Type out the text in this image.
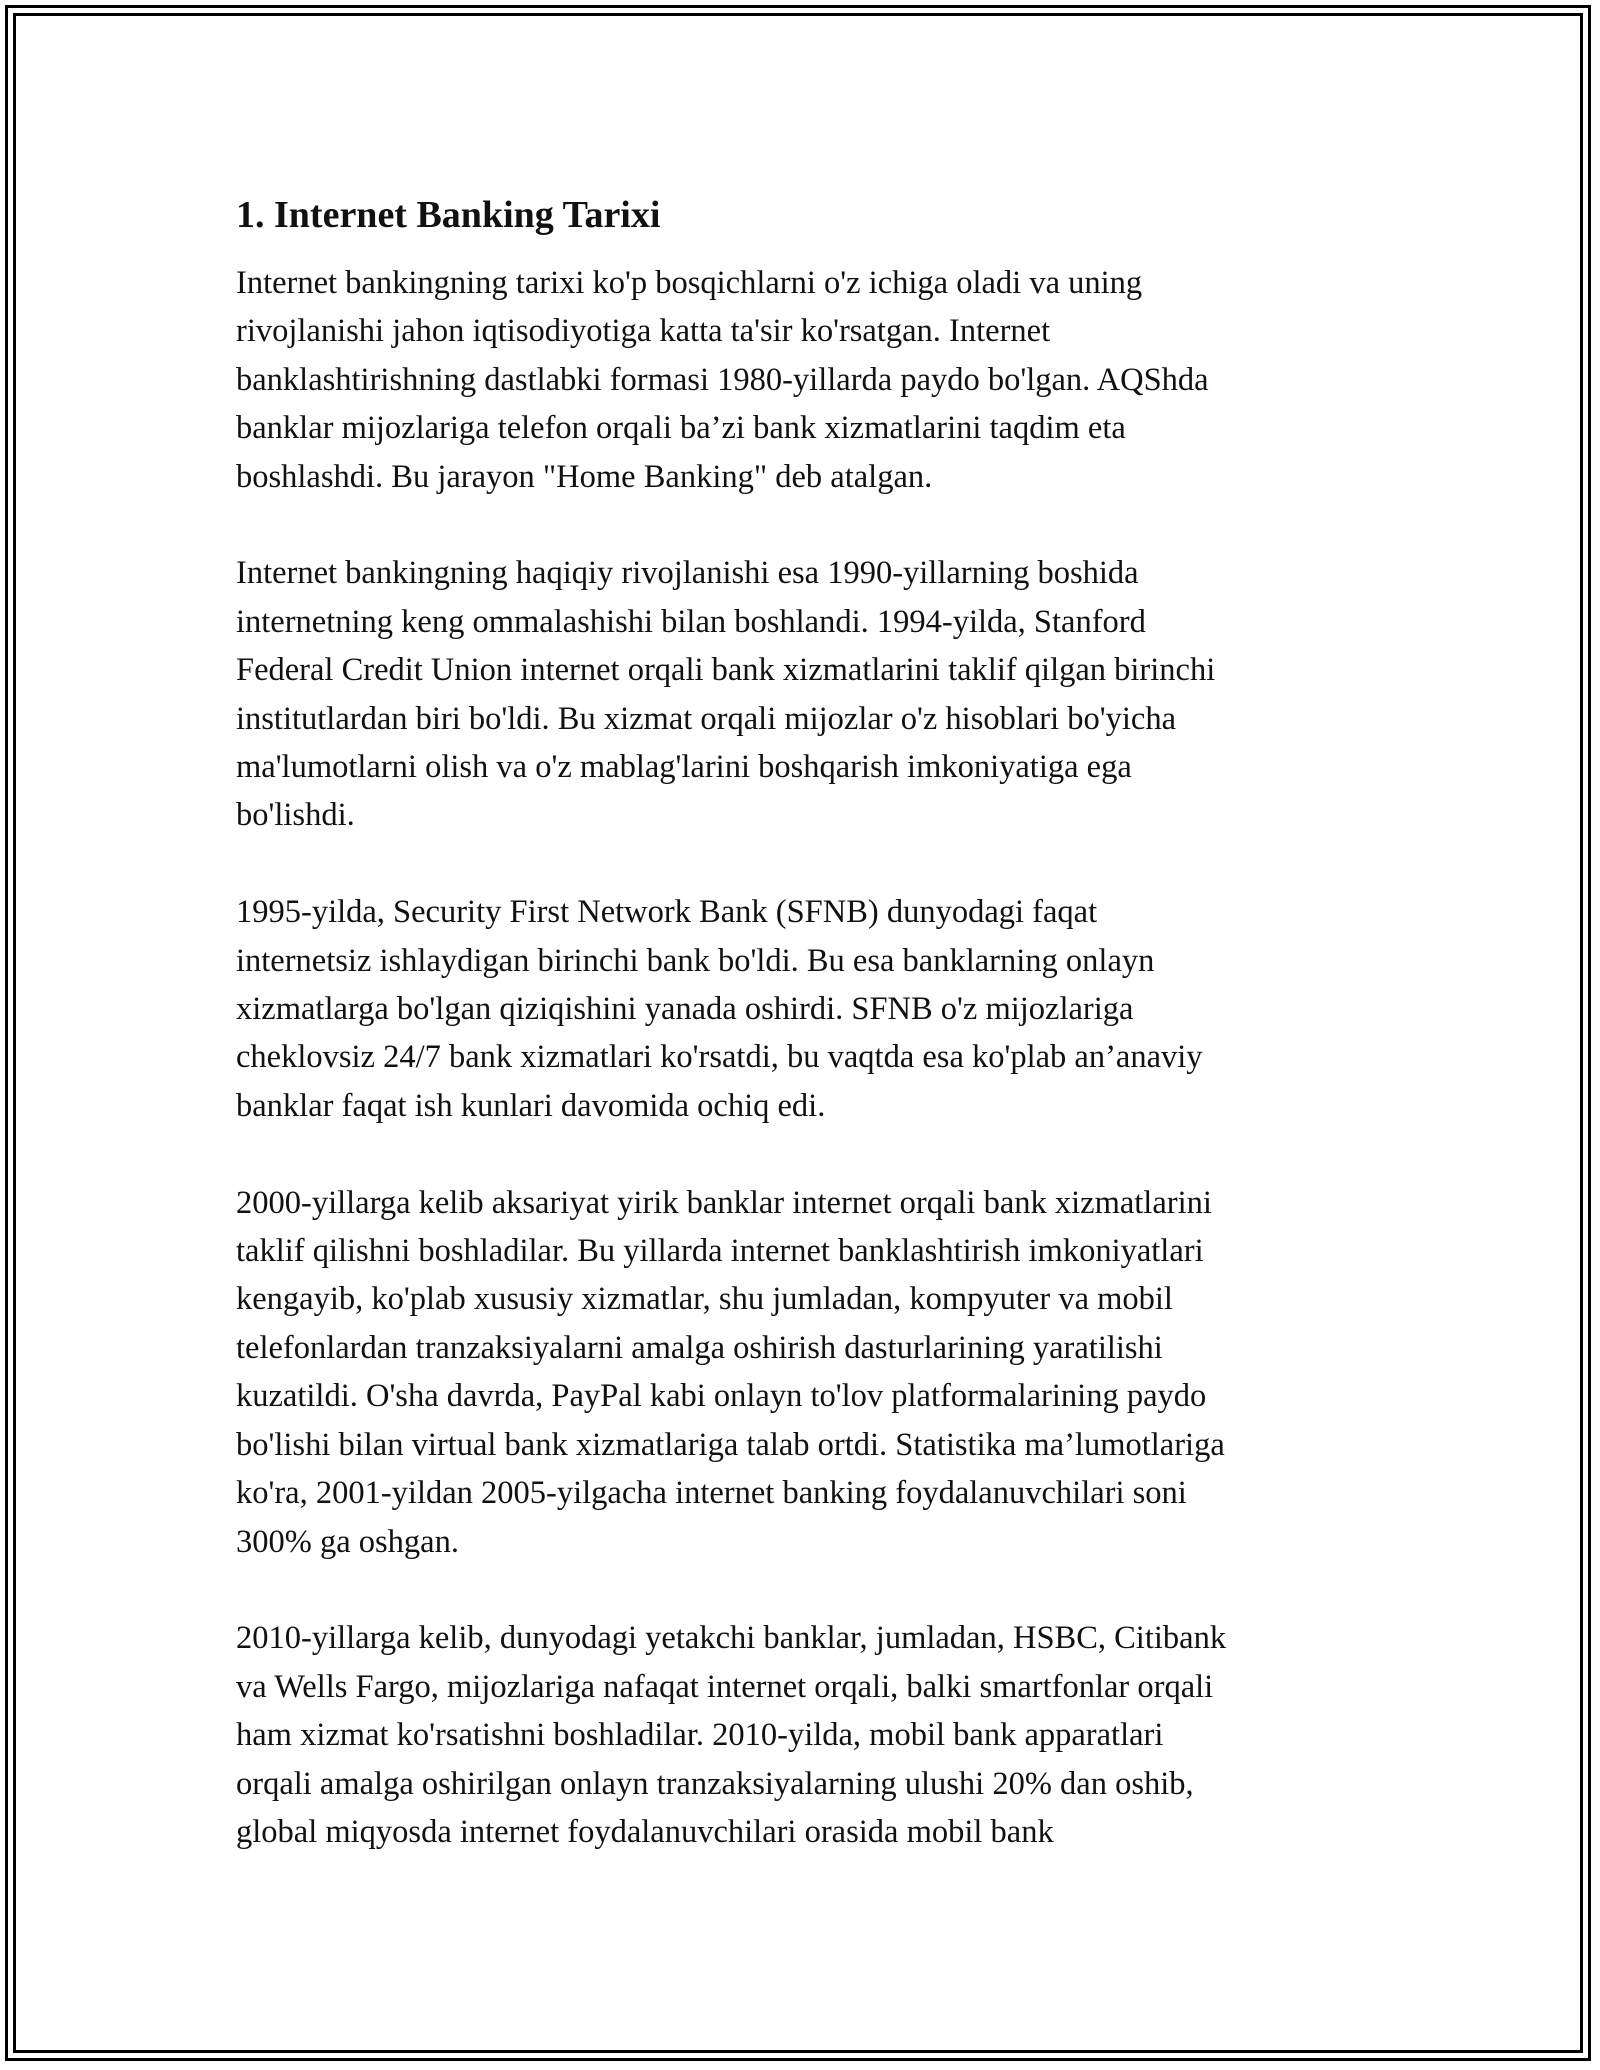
1. Internet Banking Tarixi

Internet bankingning tarixi ko'p bosqichlarni o'z ichiga oladi va uning
rivojlanishi jahon iqtisodiyotiga katta ta'sir ko'rsatgan. Internet
banklashtirishning dastlabki formasi 1980-yillarda paydo bo'lgan. AQShda
banklar mijozlariga telefon orqali ba’zi bank xizmatlarini taqdim eta
boshlashdi. Bu jarayon "Home Banking" deb atalgan.

Internet bankingning haqiqiy rivojlanishi esa 1990-yillarning boshida
internetning keng ommalashishi bilan boshlandi. 1994-yilda, Stanford
Federal Credit Union internet orqali bank xizmatlarini taklif qilgan birinchi
institutlardan biri bo'ldi. Bu xizmat orqali mijozlar o'z hisoblari bo'yicha
ma'lumotlarni olish va o'z mablag'larini boshqarish imkoniyatiga ega
bo'lishdi.

1995-yilda, Security First Network Bank (SFNB) dunyodagi faqat
internetsiz ishlaydigan birinchi bank bo'ldi. Bu esa banklarning onlayn
xizmatlarga bo'lgan qiziqishini yanada oshirdi. SFNB o'z mijozlariga
cheklovsiz 24/7 bank xizmatlari ko'rsatdi, bu vaqtda esa ko'plab an’anaviy
banklar faqat ish kunlari davomida ochiq edi.

2000-yillarga kelib aksariyat yirik banklar internet orqali bank xizmatlarini
taklif qilishni boshladilar. Bu yillarda internet banklashtirish imkoniyatlari
kengayib, ko'plab xususiy xizmatlar, shu jumladan, kompyuter va mobil
telefonlardan tranzaksiyalarni amalga oshirish dasturlarining yaratilishi
kuzatildi. O'sha davrda, PayPal kabi onlayn to'lov platformalarining paydo
bo'lishi bilan virtual bank xizmatlariga talab ortdi. Statistika ma’lumotlariga
ko'ra, 2001-yildan 2005-yilgacha internet banking foydalanuvchilari soni
300% ga oshgan.

2010-yillarga kelib, dunyodagi yetakchi banklar, jumladan, HSBC, Citibank
va Wells Fargo, mijozlariga nafaqat internet orqali, balki smartfonlar orqali
ham xizmat ko'rsatishni boshladilar. 2010-yilda, mobil bank apparatlari
orqali amalga oshirilgan onlayn tranzaksiyalarning ulushi 20% dan oshib,
global miqyosda internet foydalanuvchilari orasida mobil bank
